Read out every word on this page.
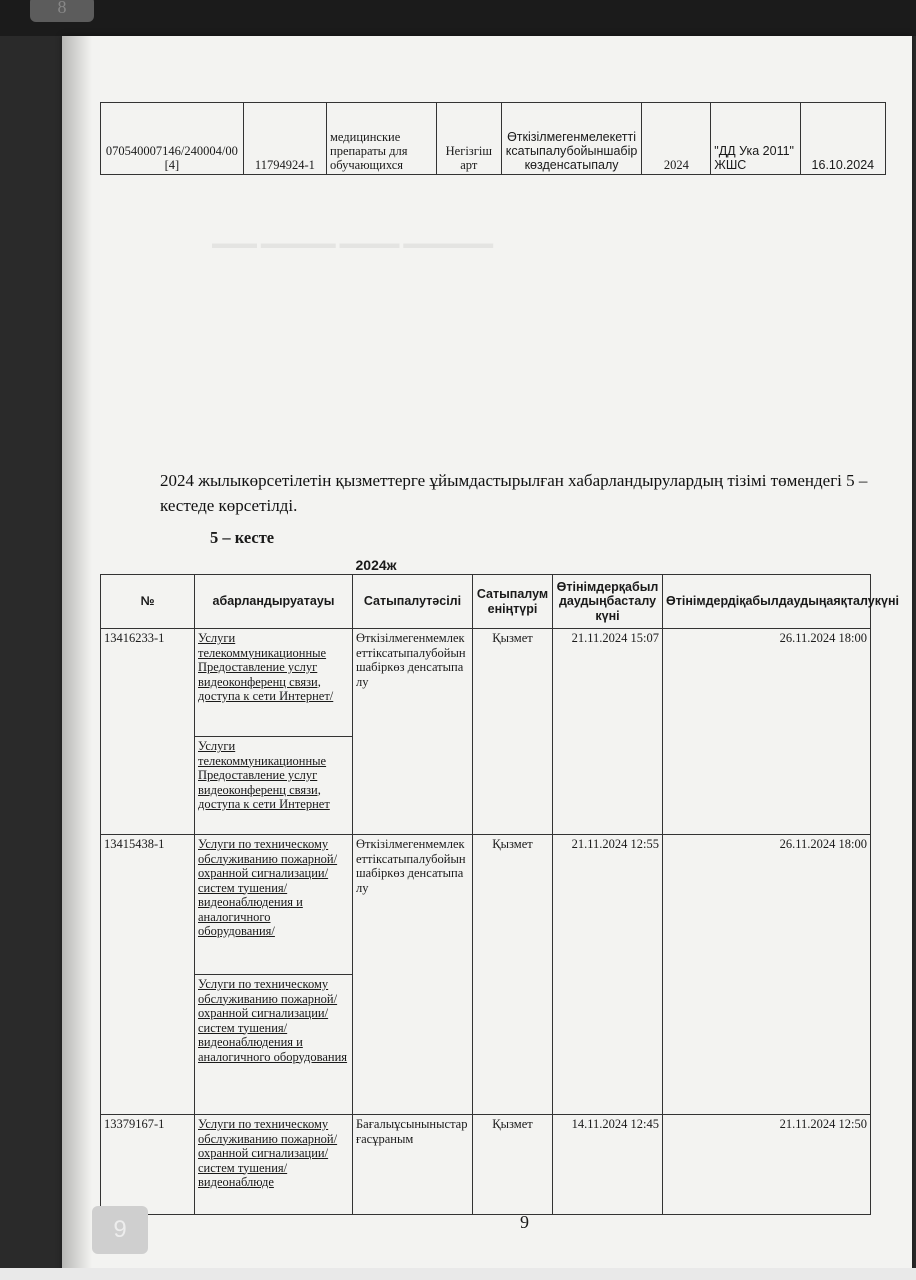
8
▬▬▬ ▬▬▬▬▬ ▬▬▬▬ ▬▬▬▬▬▬
070540007146/240004/00 [4]	11794924-1	медицинские препараты для обучающихся	Негізгіш арт	Өткізілмегенмелекеттіксатыпалубойыншабіркөзденсатыпалу	2024	"ДД Ука 2011" ЖШС	16.10.2024
2024 жылыкөрсетілетін қызметтерге ұйымдастырылған хабарландырулардың тізімі төмендегі 5 – кестеде көрсетілді.
5 – кесте
		2024ж			
№	абарландыруатауы	Сатыпалутәсілі	Сатыпалуменіңтүрі	Өтінімдерқабылдаудыңбасталукүні	Өтінімдердіқабылдаудыңаяқталукүні
13416233-1	Услуги телекоммуникационные Предоставление услуг видеоконференц связи, доступа к сети Интернет/	Өткізілмегенмемлекеттіксатыпалубойыншабіркөз денсатыпалу	Қызмет	21.11.2024 15:07	26.11.2024 18:00
	Услуги телекоммуникационные Предоставление услуг видеоконференц связи, доступа к сети Интернет				
13415438-1	Услуги по техническому обслуживанию пожарной/охранной сигнализации/систем тушения/видеонаблюдения и аналогичного оборудования/	Өткізілмегенмемлекеттіксатыпалубойыншабіркөз денсатыпалу	Қызмет	21.11.2024 12:55	26.11.2024 18:00
	Услуги по техническому обслуживанию пожарной/охранной сигнализации/систем тушения/видеонаблюдения и аналогичного оборудования				
13379167-1	Услуги по техническому обслуживанию пожарной/охранной сигнализации/систем тушения/видеонаблюде	Бағалыұсыныныстарғасұраным	Қызмет	14.11.2024 12:45	21.11.2024 12:50
9
9
